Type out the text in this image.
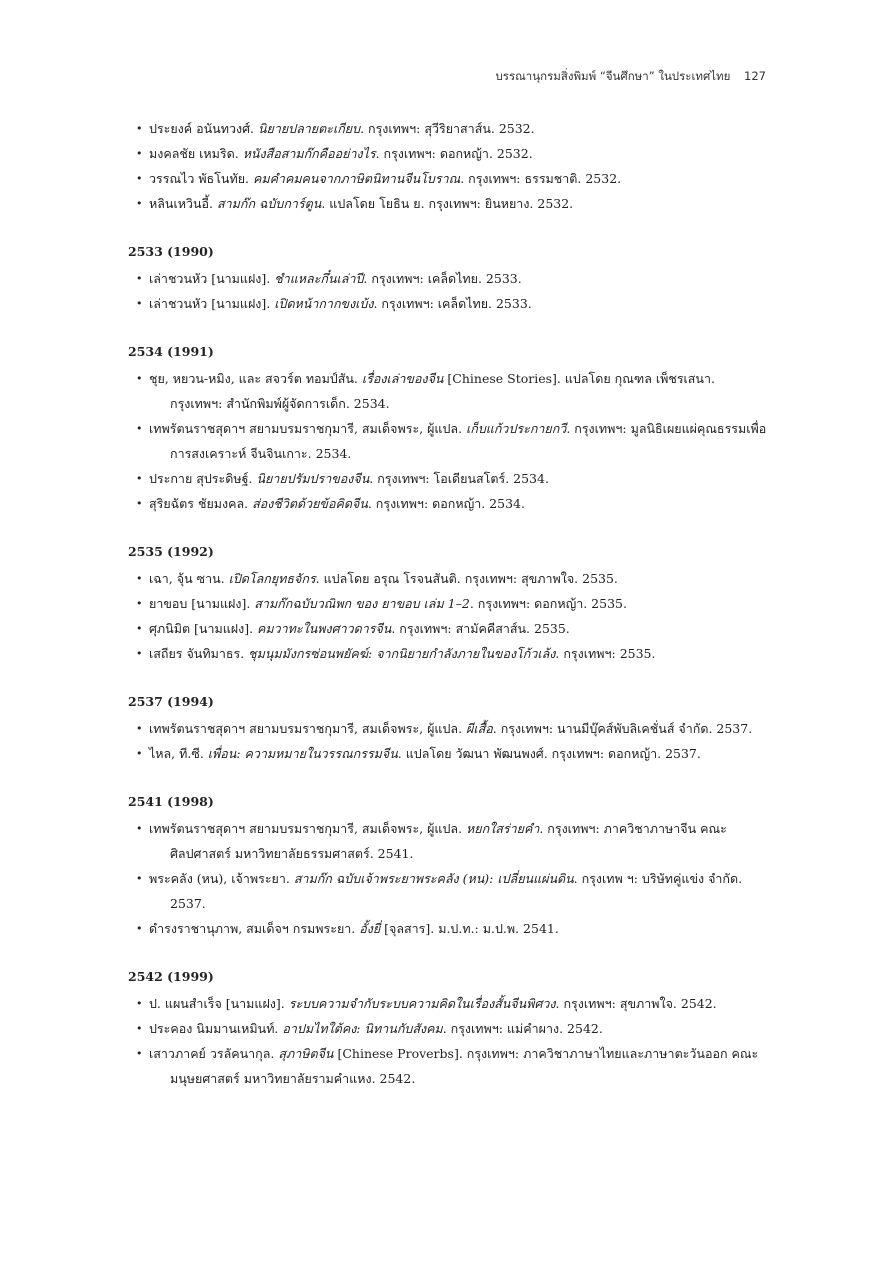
บรรณานุกรมสิ่งพิมพ์ “จีนศึกษา” ในประเทศไทย 127
• ประยงค์ อนันทวงศ์. นิยายปลายตะเกียบ. กรุงเทพฯ: สุวีริยาสาส์น. 2532.
• มงคลชัย เหมริด. หนังสือสามก๊กคืออย่างไร. กรุงเทพฯ: ดอกหญ้า. 2532.
• วรรณไว พัธโนทัย. คมคำคมคนจากภาษิตนิทานจีนโบราณ. กรุงเทพฯ: ธรรมชาติ. 2532.
• หลินเหวินอี้. สามก๊ก ฉบับการ์ตูน. แปลโดย โยธิน ย. กรุงเทพฯ: ยินหยาง. 2532.
2533 (1990)
• เล่าชวนหัว [นามแฝง]. ชำแหละกึ๋นเล่าปี. กรุงเทพฯ: เคล็ดไทย. 2533.
• เล่าชวนหัว [นามแฝง]. เปิดหน้ากากขงเบ้ง. กรุงเทพฯ: เคล็ดไทย. 2533.
2534 (1991)
• ชุย, หยวน-หมิง, และ สจวร์ต ทอมป์สัน. เรื่องเล่าของจีน [Chinese Stories]. แปลโดย กุณฑล เพ็ชรเสนา. กรุงเทพฯ: สำนักพิมพ์ผู้จัดการเด็ก. 2534.
• เทพรัตนราชสุดาฯ สยามบรมราชกุมารี, สมเด็จพระ, ผู้แปล. เก็บแก้วประกายกวี. กรุงเทพฯ: มูลนิธิเผยแผ่คุณธรรมเพื่อการสงเคราะห์ จีนจินเกาะ. 2534.
• ประกาย สุประดิษฐ์. นิยายปรัมปราของจีน. กรุงเทพฯ: โอเดียนสโตร์. 2534.
• สุริยฉัตร ชัยมงคล. ส่องชีวิตด้วยข้อคิดจีน. กรุงเทพฯ: ดอกหญ้า. 2534.
2535 (1992)
• เฉา, จุ้น ซาน. เปิดโลกยุทธจักร. แปลโดย อรุณ โรจนสันติ. กรุงเทพฯ: สุขภาพใจ. 2535.
• ยาขอบ [นามแฝง]. สามก๊กฉบับวณิพก ของ ยาขอบ เล่ม 1–2. กรุงเทพฯ: ดอกหญ้า. 2535.
• ศุภนิมิต [นามแฝง]. คมวาทะในพงศาวดารจีน. กรุงเทพฯ: สามัคคีสาส์น. 2535.
• เสถียร จันทิมาธร. ชุมนุมมังกรซ่อนพยัคฆ์: จากนิยายกำลังภายในของโก้วเล้ง. กรุงเทพฯ: 2535.
2537 (1994)
• เทพรัตนราชสุดาฯ สยามบรมราชกุมารี, สมเด็จพระ, ผู้แปล. ผีเสื้อ. กรุงเทพฯ: นานมีบุ๊คส์พับลิเคชั่นส์ จำกัด. 2537.
• ไหล, ที.ซี. เพื่อน: ความหมายในวรรณกรรมจีน. แปลโดย วัฒนา พัฒนพงศ์. กรุงเทพฯ: ดอกหญ้า. 2537.
2541 (1998)
• เทพรัตนราชสุดาฯ สยามบรมราชกุมารี, สมเด็จพระ, ผู้แปล. หยกใสร่ายคำ. กรุงเทพฯ: ภาควิชาภาษาจีน คณะศิลปศาสตร์ มหาวิทยาลัยธรรมศาสตร์. 2541.
• พระคลัง (หน), เจ้าพระยา. สามก๊ก ฉบับเจ้าพระยาพระคลัง (หน): เปลี่ยนแผ่นดิน. กรุงเทพ ฯ: บริษัทคู่แข่ง จำกัด. 2537.
• ดำรงราชานุภาพ, สมเด็จฯ กรมพระยา. อั้งยี่ [จุลสาร]. ม.ป.ท.: ม.ป.พ. 2541.
2542 (1999)
• ป. แผนสำเร็จ [นามแฝง]. ระบบความจำกับระบบความคิดในเรื่องสั้นจีนพิศวง. กรุงเทพฯ: สุขภาพใจ. 2542.
• ประคอง นิมมานเหมินท์. อาปมไทใต้คง: นิทานกับสังคม. กรุงเทพฯ: แม่คำผาง. 2542.
• เสาวภาคย์ วรลัคนากุล. สุภาษิตจีน [Chinese Proverbs]. กรุงเทพฯ: ภาควิชาภาษาไทยและภาษาตะวันออก คณะมนุษยศาสตร์ มหาวิทยาลัยรามคำแหง. 2542.
